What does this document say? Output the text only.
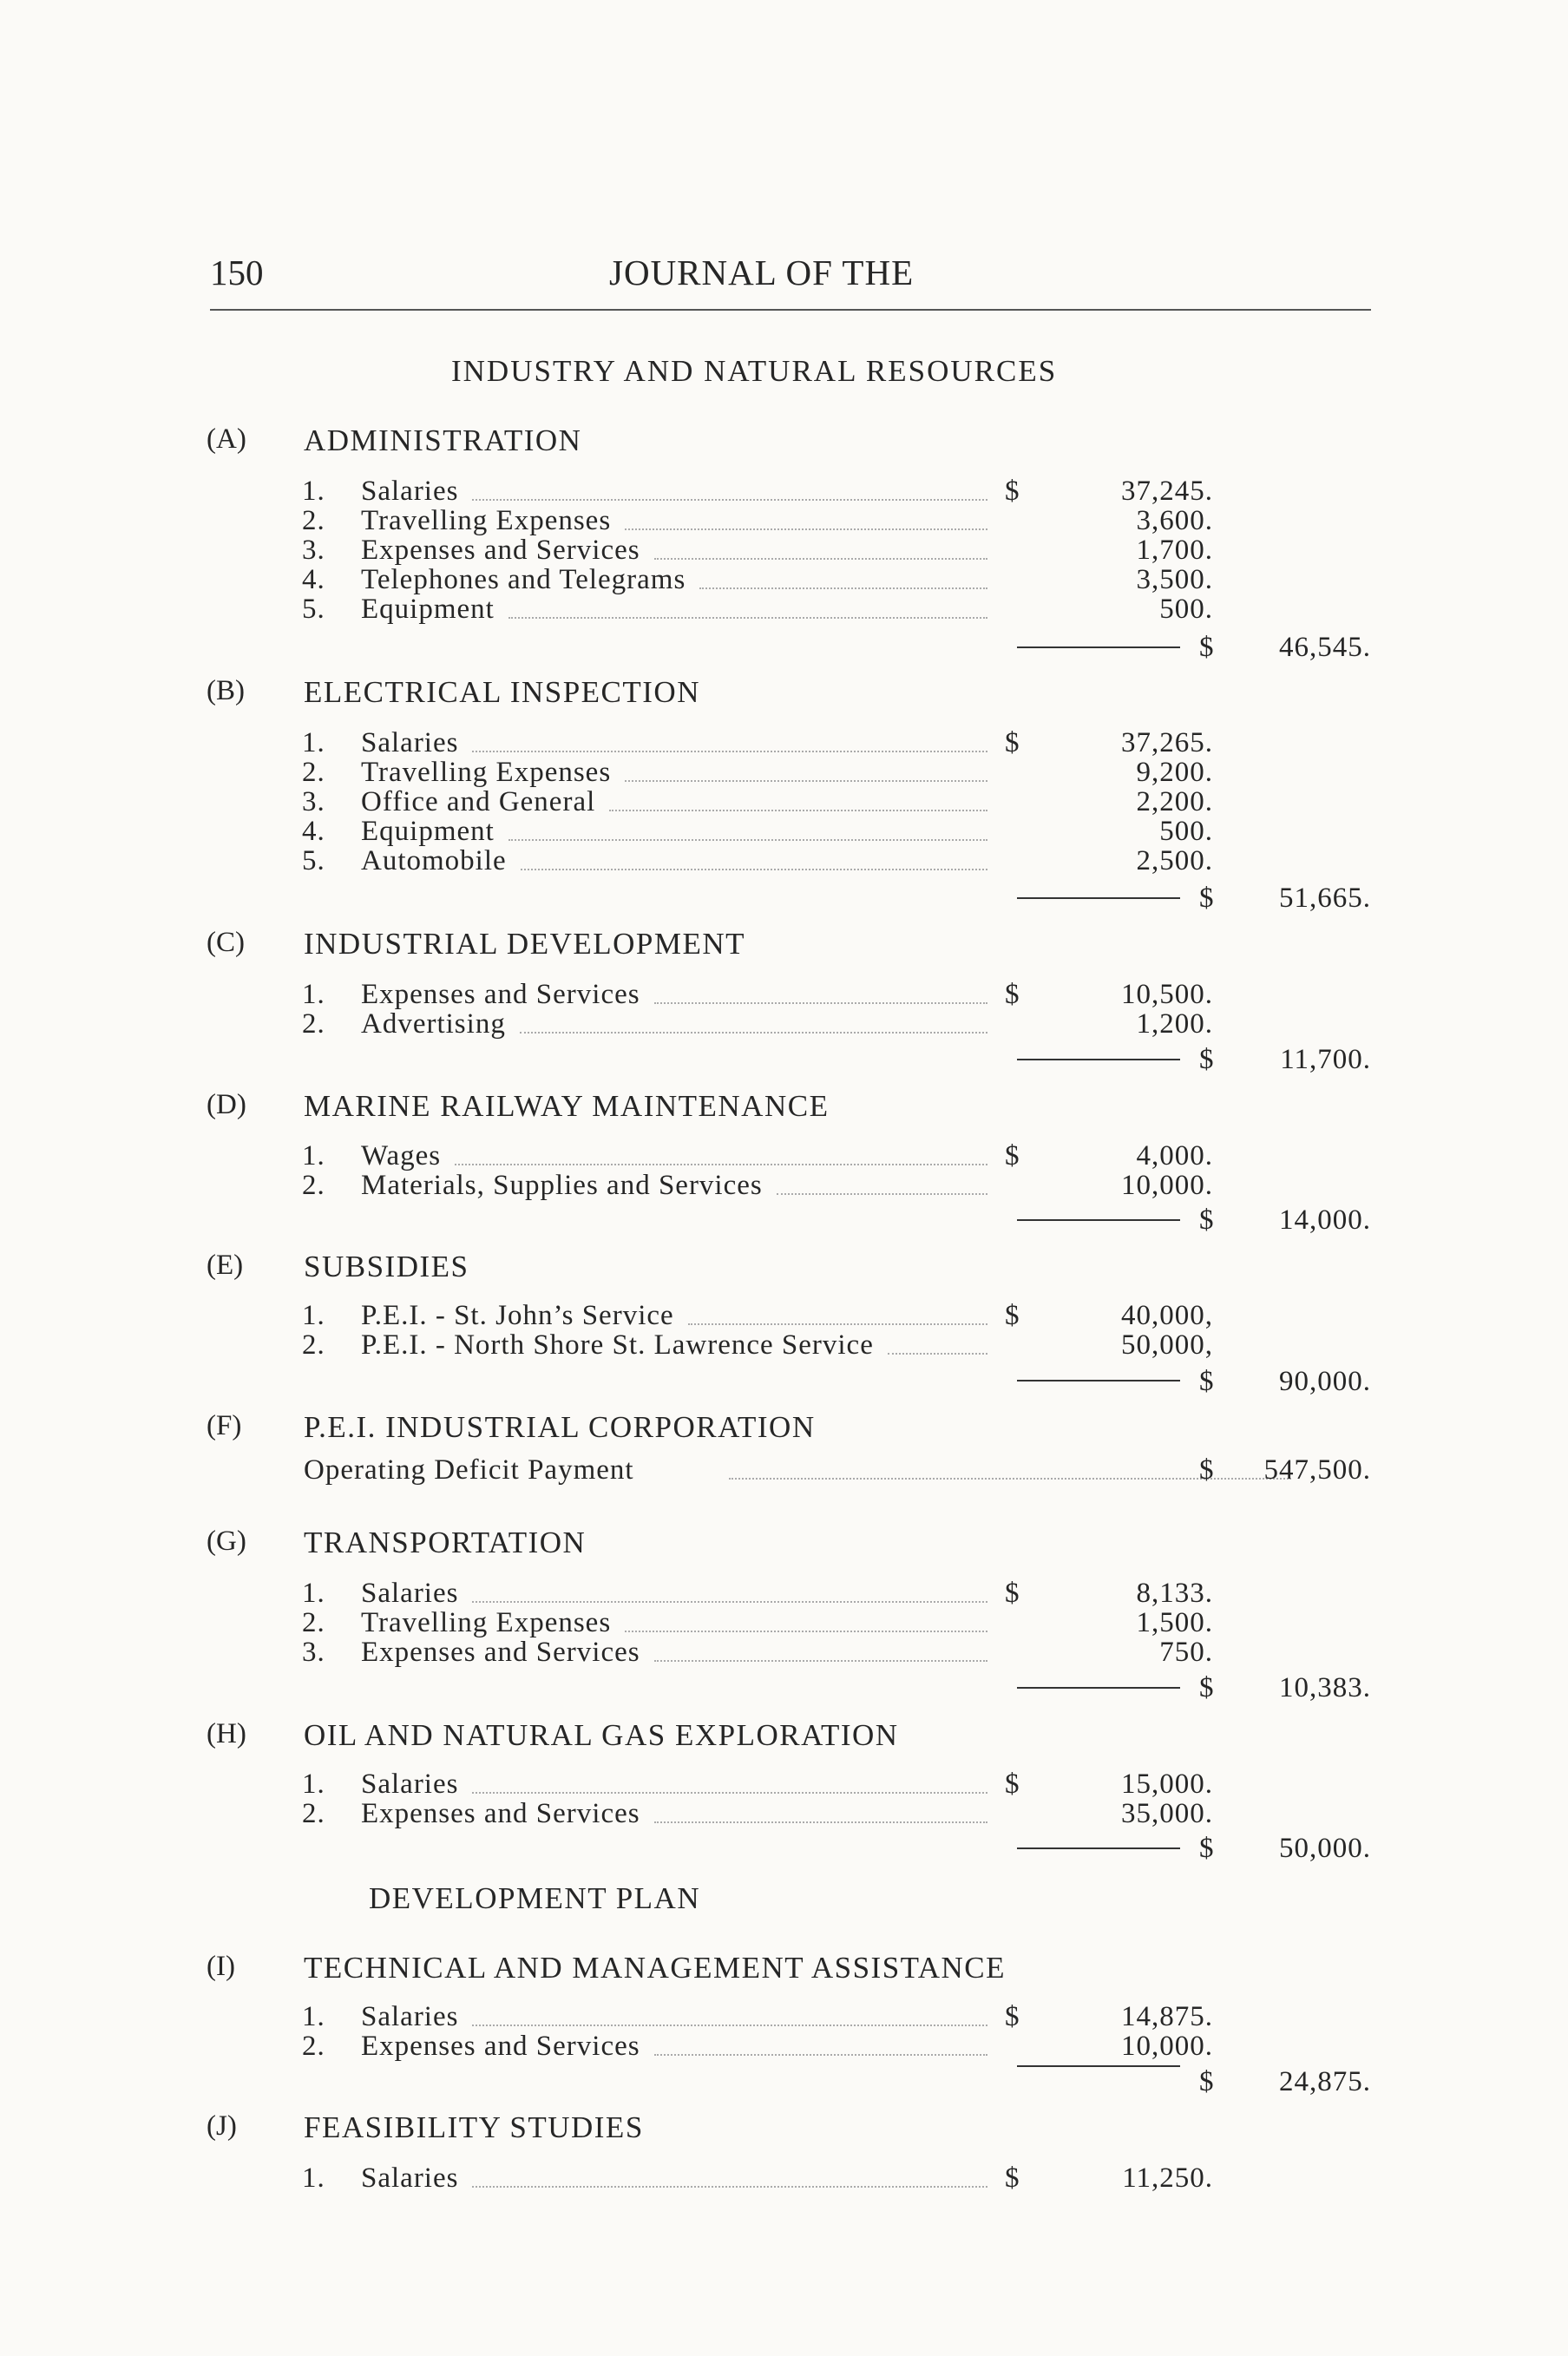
150	JOURNAL OF THE
INDUSTRY AND NATURAL RESOURCES
(A) ADMINISTRATION
1. Salaries	$	37,245.
2. Travelling Expenses	3,600.
3. Expenses and Services	1,700.
4. Telephones and Telegrams	3,500.
5. Equipment	500.
$ 46,545.
(B) ELECTRICAL INSPECTION
1. Salaries	$	37,265.
2. Travelling Expenses	9,200.
3. Office and General	2,200.
4. Equipment	500.
5. Automobile	2,500.
$ 51,665.
(C) INDUSTRIAL DEVELOPMENT
1. Expenses and Services	$	10,500.
2. Advertising	1,200.
$ 11,700.
(D) MARINE RAILWAY MAINTENANCE
1. Wages	$	4,000.
2. Materials, Supplies and Services	10,000.
$ 14,000.
(E) SUBSIDIES
1. P.E.I. - St. John’s Service	$	40,000,
2. P.E.I. - North Shore St. Lawrence Service	50,000,
$ 90,000.
(F) P.E.I. INDUSTRIAL CORPORATION
Operating Deficit Payment	$ 547,500.
(G) TRANSPORTATION
1. Salaries	$	8,133.
2. Travelling Expenses	1,500.
3. Expenses and Services	750.
$ 10,383.
(H) OIL AND NATURAL GAS EXPLORATION
1. Salaries	$	15,000.
2. Expenses and Services	35,000.
$ 50,000.
DEVELOPMENT PLAN
(I) TECHNICAL AND MANAGEMENT ASSISTANCE
1. Salaries	$	14,875.
2. Expenses and Services	10,000.
$ 24,875.
(J) FEASIBILITY STUDIES
1. Salaries	$	11,250.
